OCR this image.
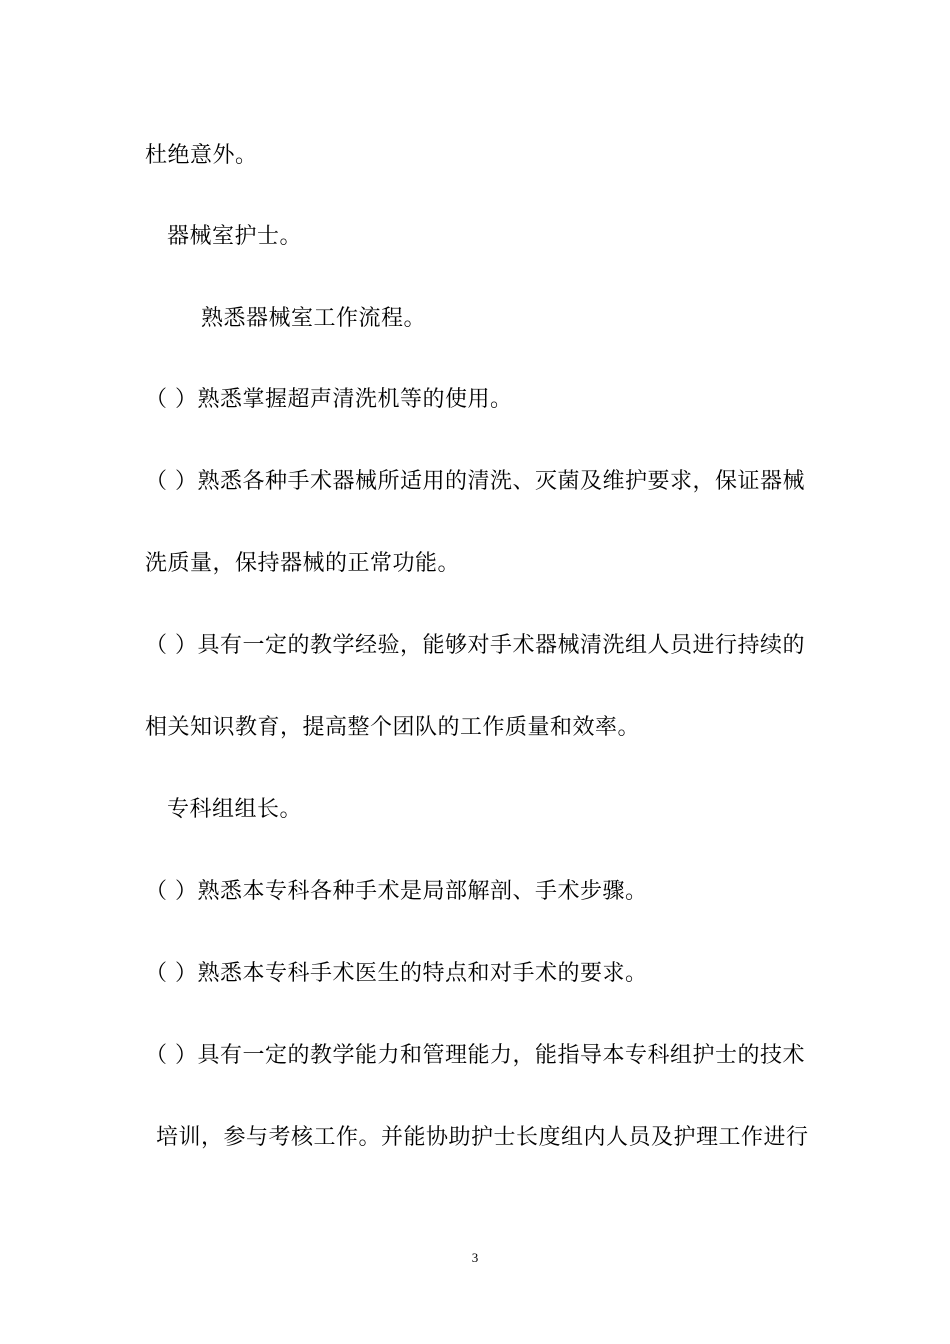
杜绝意外。
器械室护士。
熟悉器械室工作流程。
（ ）熟悉掌握超声清洗机等的使用。
（ ）熟悉各种手术器械所适用的清洗、灭菌及维护要求，保证器械
洗质量，保持器械的正常功能。
（ ）具有一定的教学经验，能够对手术器械清洗组人员进行持续的
相关知识教育，提高整个团队的工作质量和效率。
专科组组长。
（ ）熟悉本专科各种手术是局部解剖、手术步骤。
（ ）熟悉本专科手术医生的特点和对手术的要求。
（ ）具有一定的教学能力和管理能力，能指导本专科组护士的技术
培训，参与考核工作。并能协助护士长度组内人员及护理工作进行
3
